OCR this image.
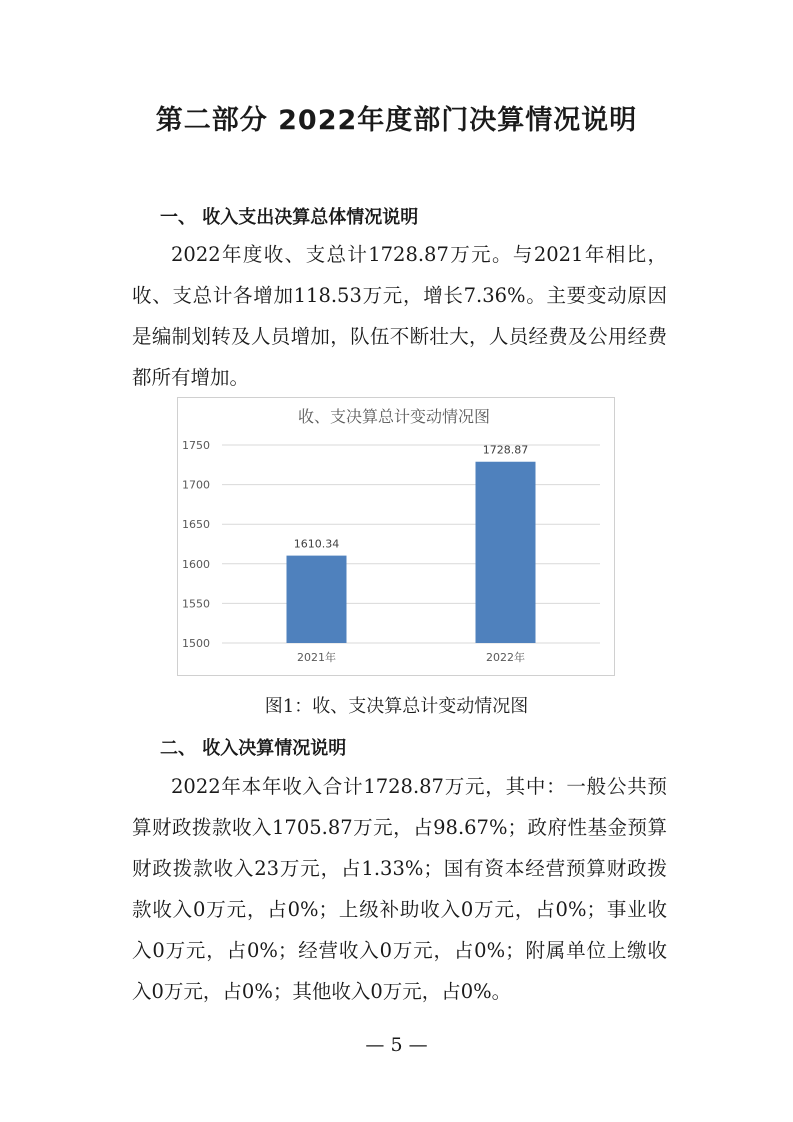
第二部分 2022年度部门决算情况说明
一、 收入支出决算总体情况说明

2022年度收、支总计1728.87万元。与2021年相比，收、支总计各增加118.53万元，增长7.36%。主要变动原因是编制划转及人员增加，队伍不断壮大，人员经费及公用经费都所有增加。

收、支决算总计变动情况图
1500
1550
1600
1650
1700
1750
1610.34
2021年
1728.87
2022年

图1：收、支决算总计变动情况图

二、 收入决算情况说明

2022年本年收入合计1728.87万元，其中：一般公共预算财政拨款收入1705.87万元，占98.67%；政府性基金预算财政拨款收入23万元，占1.33%；国有资本经营预算财政拨款收入0万元，占0%；上级补助收入0万元，占0%；事业收入0万元，占0%；经营收入0万元，占0%；附属单位上缴收入0万元，占0%；其他收入0万元，占0%。

— 5 —
